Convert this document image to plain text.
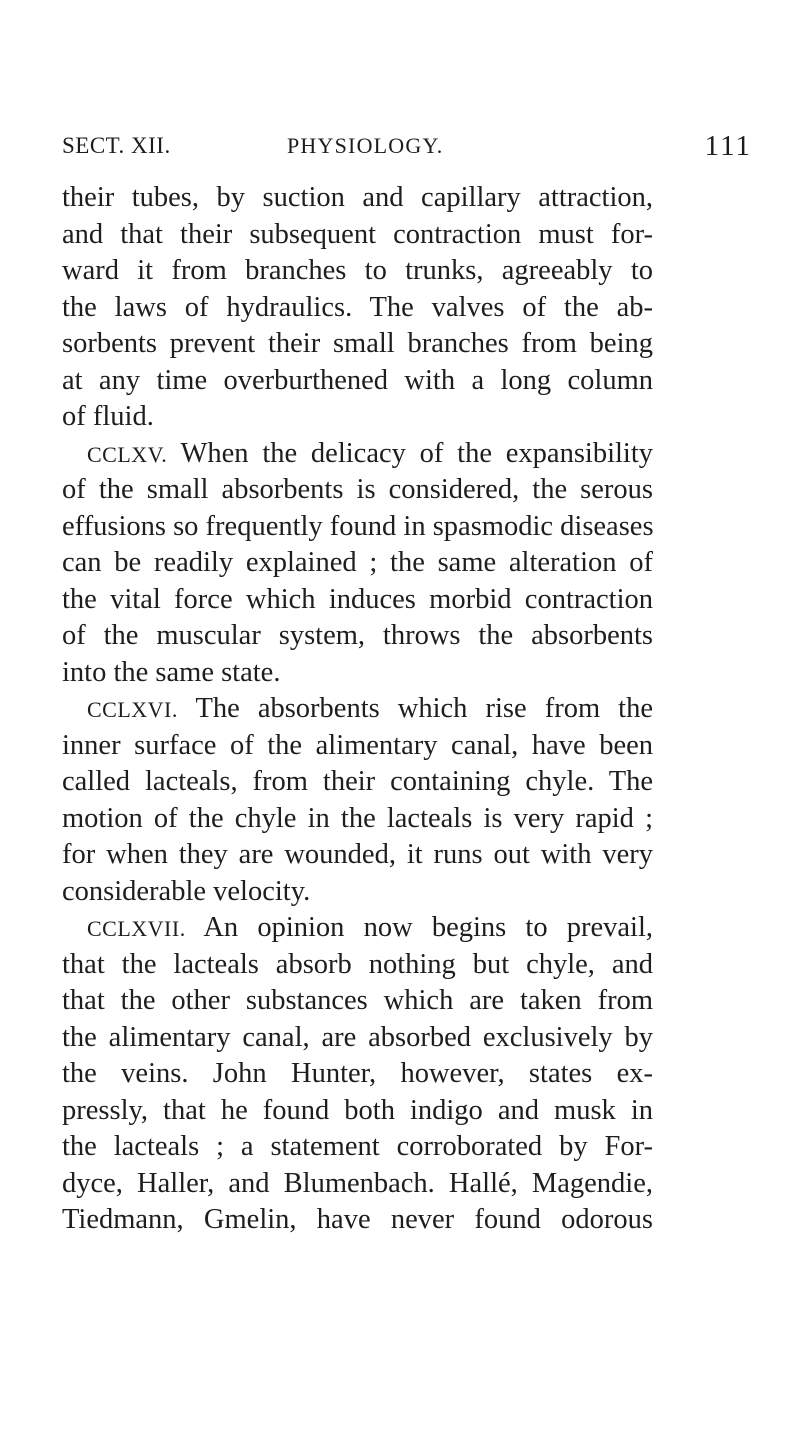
SECT. XII.	PHYSIOLOGY.	111
their tubes, by suction and capillary attraction,
and that their subsequent contraction must for-
ward it from branches to trunks, agreeably to
the laws of hydraulics. The valves of the ab-
sorbents prevent their small branches from being
at any time overburthened with a long column
of fluid.
CCLXV. When the delicacy of the expansibility
of the small absorbents is considered, the serous
effusions so frequently found in spasmodic diseases
can be readily explained ; the same alteration of
the vital force which induces morbid contraction
of the muscular system, throws the absorbents
into the same state.
CCLXVI. The absorbents which rise from the
inner surface of the alimentary canal, have been
called lacteals, from their containing chyle. The
motion of the chyle in the lacteals is very rapid ;
for when they are wounded, it runs out with very
considerable velocity.
CCLXVII. An opinion now begins to prevail,
that the lacteals absorb nothing but chyle, and
that the other substances which are taken from
the alimentary canal, are absorbed exclusively by
the veins. John Hunter, however, states ex-
pressly, that he found both indigo and musk in
the lacteals ; a statement corroborated by For-
dyce, Haller, and Blumenbach. Hallé, Magendie,
Tiedmann, Gmelin, have never found odorous
